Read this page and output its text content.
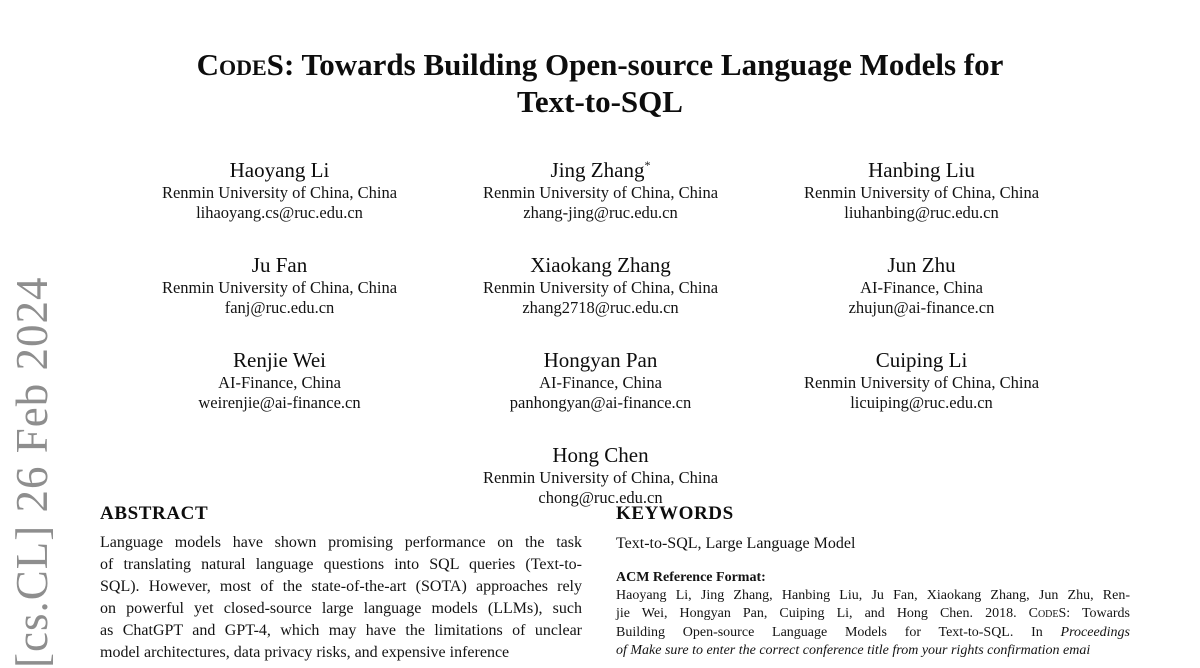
[cs.CL] 26 Feb 2024
CodeS: Towards Building Open-source Language Models for
Text-to-SQL
Haoyang Li
Renmin University of China, China
lihaoyang.cs@ruc.edu.cn
Jing Zhang*
Renmin University of China, China
zhang-jing@ruc.edu.cn
Hanbing Liu
Renmin University of China, China
liuhanbing@ruc.edu.cn
Ju Fan
Renmin University of China, China
fanj@ruc.edu.cn
Xiaokang Zhang
Renmin University of China, China
zhang2718@ruc.edu.cn
Jun Zhu
AI-Finance, China
zhujun@ai-finance.cn
Renjie Wei
AI-Finance, China
weirenjie@ai-finance.cn
Hongyan Pan
AI-Finance, China
panhongyan@ai-finance.cn
Cuiping Li
Renmin University of China, China
licuiping@ruc.edu.cn
Hong Chen
Renmin University of China, China
chong@ruc.edu.cn
ABSTRACT
Language models have shown promising performance on the task
of translating natural language questions into SQL queries (Text-to-
SQL). However, most of the state-of-the-art (SOTA) approaches rely
on powerful yet closed-source large language models (LLMs), such
as ChatGPT and GPT-4, which may have the limitations of unclear
model architectures, data privacy risks, and expensive inference
KEYWORDS
Text-to-SQL, Large Language Model
ACM Reference Format:
Haoyang Li, Jing Zhang, Hanbing Liu, Ju Fan, Xiaokang Zhang, Jun Zhu, Ren-
jie Wei, Hongyan Pan, Cuiping Li, and Hong Chen. 2018. CodeS: Towards
Building Open-source Language Models for Text-to-SQL. In Proceedings
of Make sure to enter the correct conference title from your rights confirmation emai
